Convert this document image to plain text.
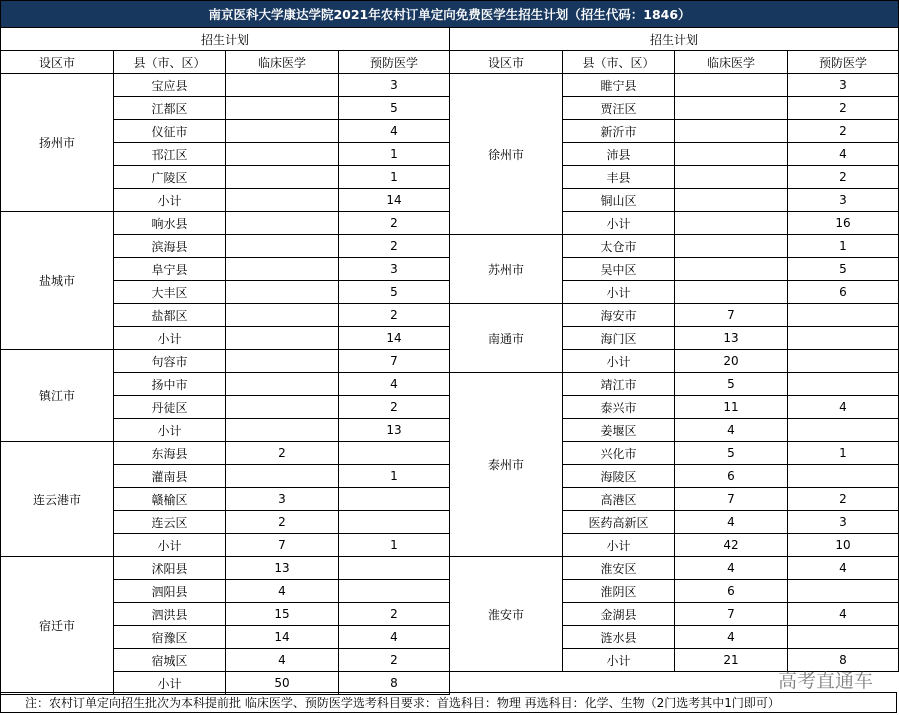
南京医科大学康达学院2021年农村订单定向免费医学生招生计划（招生代码：1846）							
招生计划				招生计划			
设区市	县（市、区）	临床医学	预防医学	设区市	县（市、区）	临床医学	预防医学
扬州市	宝应县		3	徐州市	睢宁县		3
	江都区		5		贾汪区		2
	仪征市		4		新沂市		2
	邗江区		1		沛县		4
	广陵区		1		丰县		2
	小计		14		铜山区		3
盐城市	响水县		2		小计		16
	滨海县		2	苏州市	太仓市		1
	阜宁县		3		吴中区		5
	大丰区		5		小计		6
	盐都区		2	南通市	海安市	7	
	小计		14		海门区	13	
镇江市	句容市		7		小计	20	
	扬中市		4	泰州市	靖江市	5	
	丹徒区		2		泰兴市	11	4
	小计		13		姜堰区	4	
连云港市	东海县	2			兴化市	5	1
	灌南县		1		海陵区	6	
	赣榆区	3			高港区	7	2
	连云区	2			医药高新区	4	3
	小计	7	1		小计	42	10
宿迁市	沭阳县	13		淮安市	淮安区	4	4
	泗阳县	4			淮阴区	6	
	泗洪县	15	2		金湖县	7	4
	宿豫区	14	4		涟水县	4	
	宿城区	4	2		小计	21	8
	小计	50	8				
注：农村订单定向招生批次为本科提前批 临床医学、预防医学选考科目要求：首选科目：物理 再选科目：化学、生物（2门选考其中1门即可）
高考直通车
